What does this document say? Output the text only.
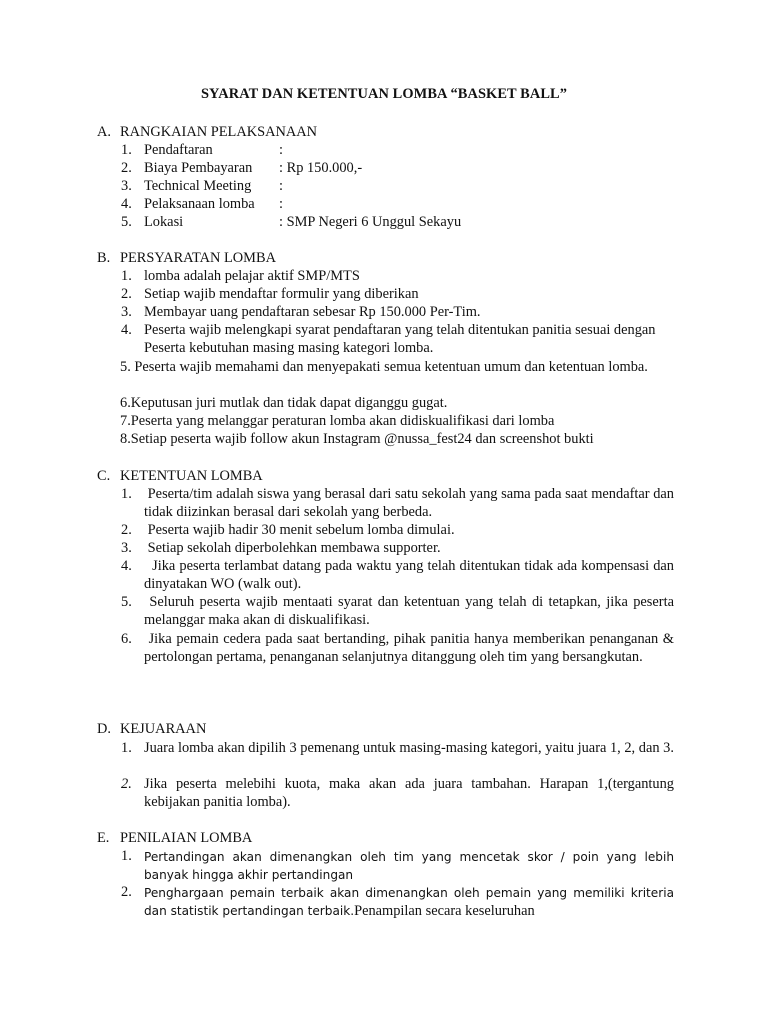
SYARAT DAN KETENTUAN LOMBA “BASKET BALL”
A. RANGKAIAN PELAKSANAAN
1. Pendaftaran	:
2. Biaya Pembayaran : Rp 150.000,-
3. Technical Meeting :
4. Pelaksanaan lomba :
5. Lokasi	: SMP Negeri 6 Unggul Sekayu
B. PERSYARATAN LOMBA
1. lomba adalah pelajar aktif SMP/MTS
2. Setiap wajib mendaftar formulir yang diberikan
3. Membayar uang pendaftaran sebesar Rp 150.000 Per-Tim.
4. Peserta wajib melengkapi syarat pendaftaran yang telah ditentukan panitia sesuai dengan Peserta kebutuhan masing masing kategori lomba.
5. Peserta wajib memahami dan menyepakati semua ketentuan umum dan ketentuan lomba.
6.Keputusan juri mutlak dan tidak dapat diganggu gugat.
7.Peserta yang melanggar peraturan lomba akan didiskualifikasi dari lomba
8.Setiap peserta wajib follow akun Instagram @nussa_fest24 dan screenshot bukti
C. KETENTUAN LOMBA
1. Peserta/tim adalah siswa yang berasal dari satu sekolah yang sama pada saat mendaftar dan tidak diizinkan berasal dari sekolah yang berbeda.
2. Peserta wajib hadir 30 menit sebelum lomba dimulai.
3. Setiap sekolah diperbolehkan membawa supporter.
4. Jika peserta terlambat datang pada waktu yang telah ditentukan tidak ada kompensasi dan dinyatakan WO (walk out).
5. Seluruh peserta wajib mentaati syarat dan ketentuan yang telah di tetapkan, jika peserta melanggar maka akan di diskualifikasi.
6. Jika pemain cedera pada saat bertanding, pihak panitia hanya memberikan penanganan & pertolongan pertama, penanganan selanjutnya ditanggung oleh tim yang bersangkutan.
D. KEJUARAAN
1. Juara lomba akan dipilih 3 pemenang untuk masing-masing kategori, yaitu juara 1, 2, dan 3.
2. Jika peserta melebihi kuota, maka akan ada juara tambahan. Harapan 1,(tergantung kebijakan panitia lomba).
E. PENILAIAN LOMBA
1. Pertandingan akan dimenangkan oleh tim yang mencetak skor / poin yang lebih banyak hingga akhir pertandingan
2. Penghargaan pemain terbaik akan dimenangkan oleh pemain yang memiliki kriteria dan statistik pertandingan terbaik.Penampilan secara keseluruhan
